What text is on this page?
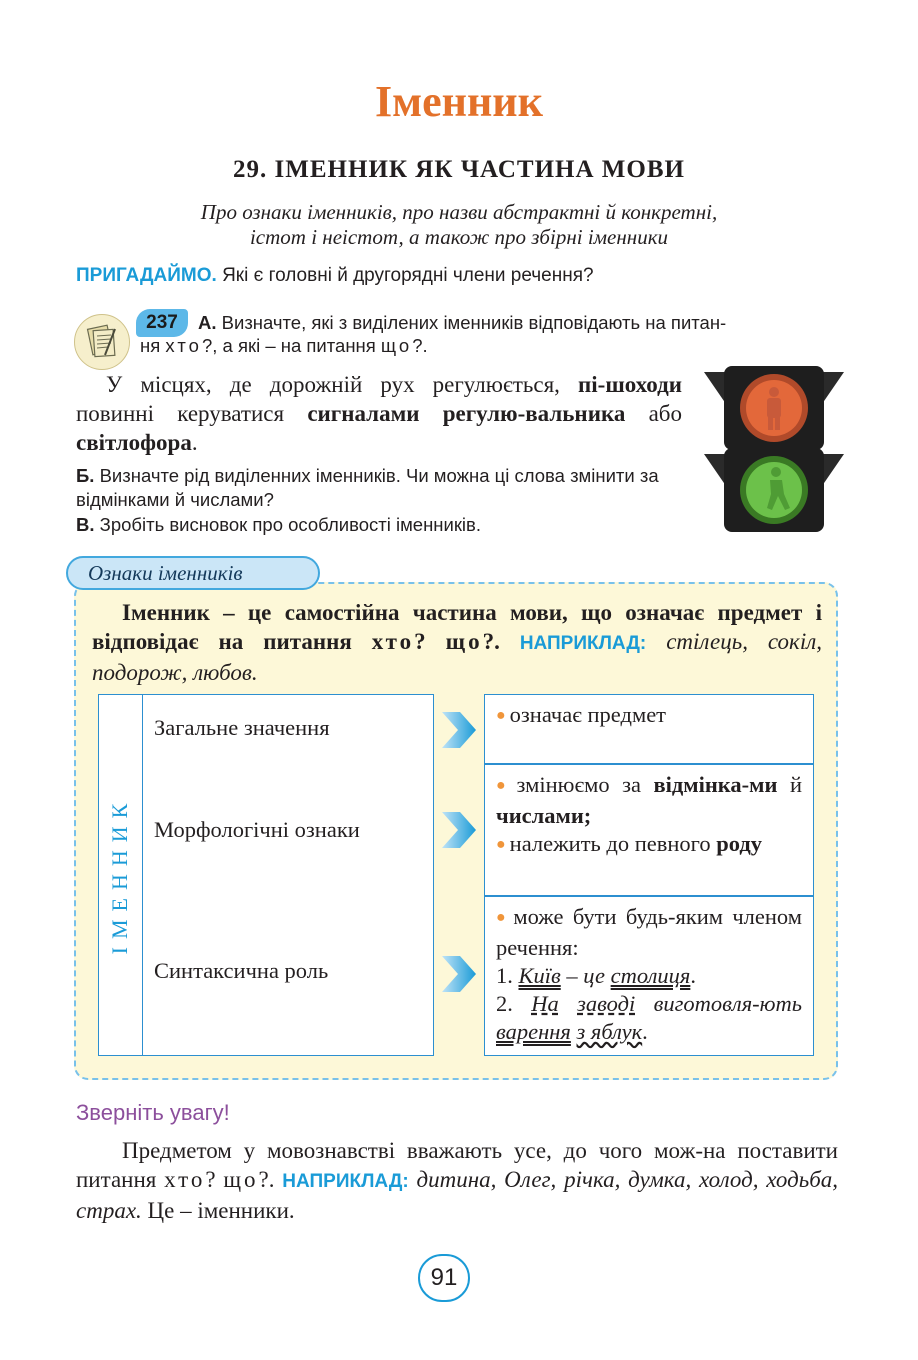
Іменник
29. ІМЕННИК ЯК ЧАСТИНА МОВИ
Про ознаки іменників, про назви абстрактні й конкретні,
істот і неістот, а також про збірні іменники
ПРИГАДАЙМО. Які є головні й другорядні члени речення?
237	А. Визначте, які з виділених іменників відповідають на питан-
ня хто?, а які – на питання що?.
У місцях, де дорожній рух регулюється, пі-шоходи повинні керуватися сигналами регулю-вальника або світлофора.
Б. Визначте рід виділенних іменників. Чи можна ці слова змінити за відмінками й числами?
В. Зробіть висновок про особливості іменників.
Ознаки іменників
Іменник – це самостійна частина мови, що означає предмет і відповідає на питання хто? що?. НАПРИКЛАД: стілець, сокіл, подорож, любов.
ІМЕННИК
Загальне значення
Морфологічні ознаки
Синтаксична роль

● означає предмет

● змінюємо за відмінка-ми й числами;

● належить до певного роду

● може бути будь-яким членом речення:

1. Київ – це столиця.

2. На заводі виготовля-ють варення з яблук.

Зверніть увагу!
Предметом у мовознавстві вважають усе, до чого мож-на поставити питання хто? що?. НАПРИКЛАД: дитина, Олег, річка, думка, холод, ходьба, страх. Це – іменники.
91
